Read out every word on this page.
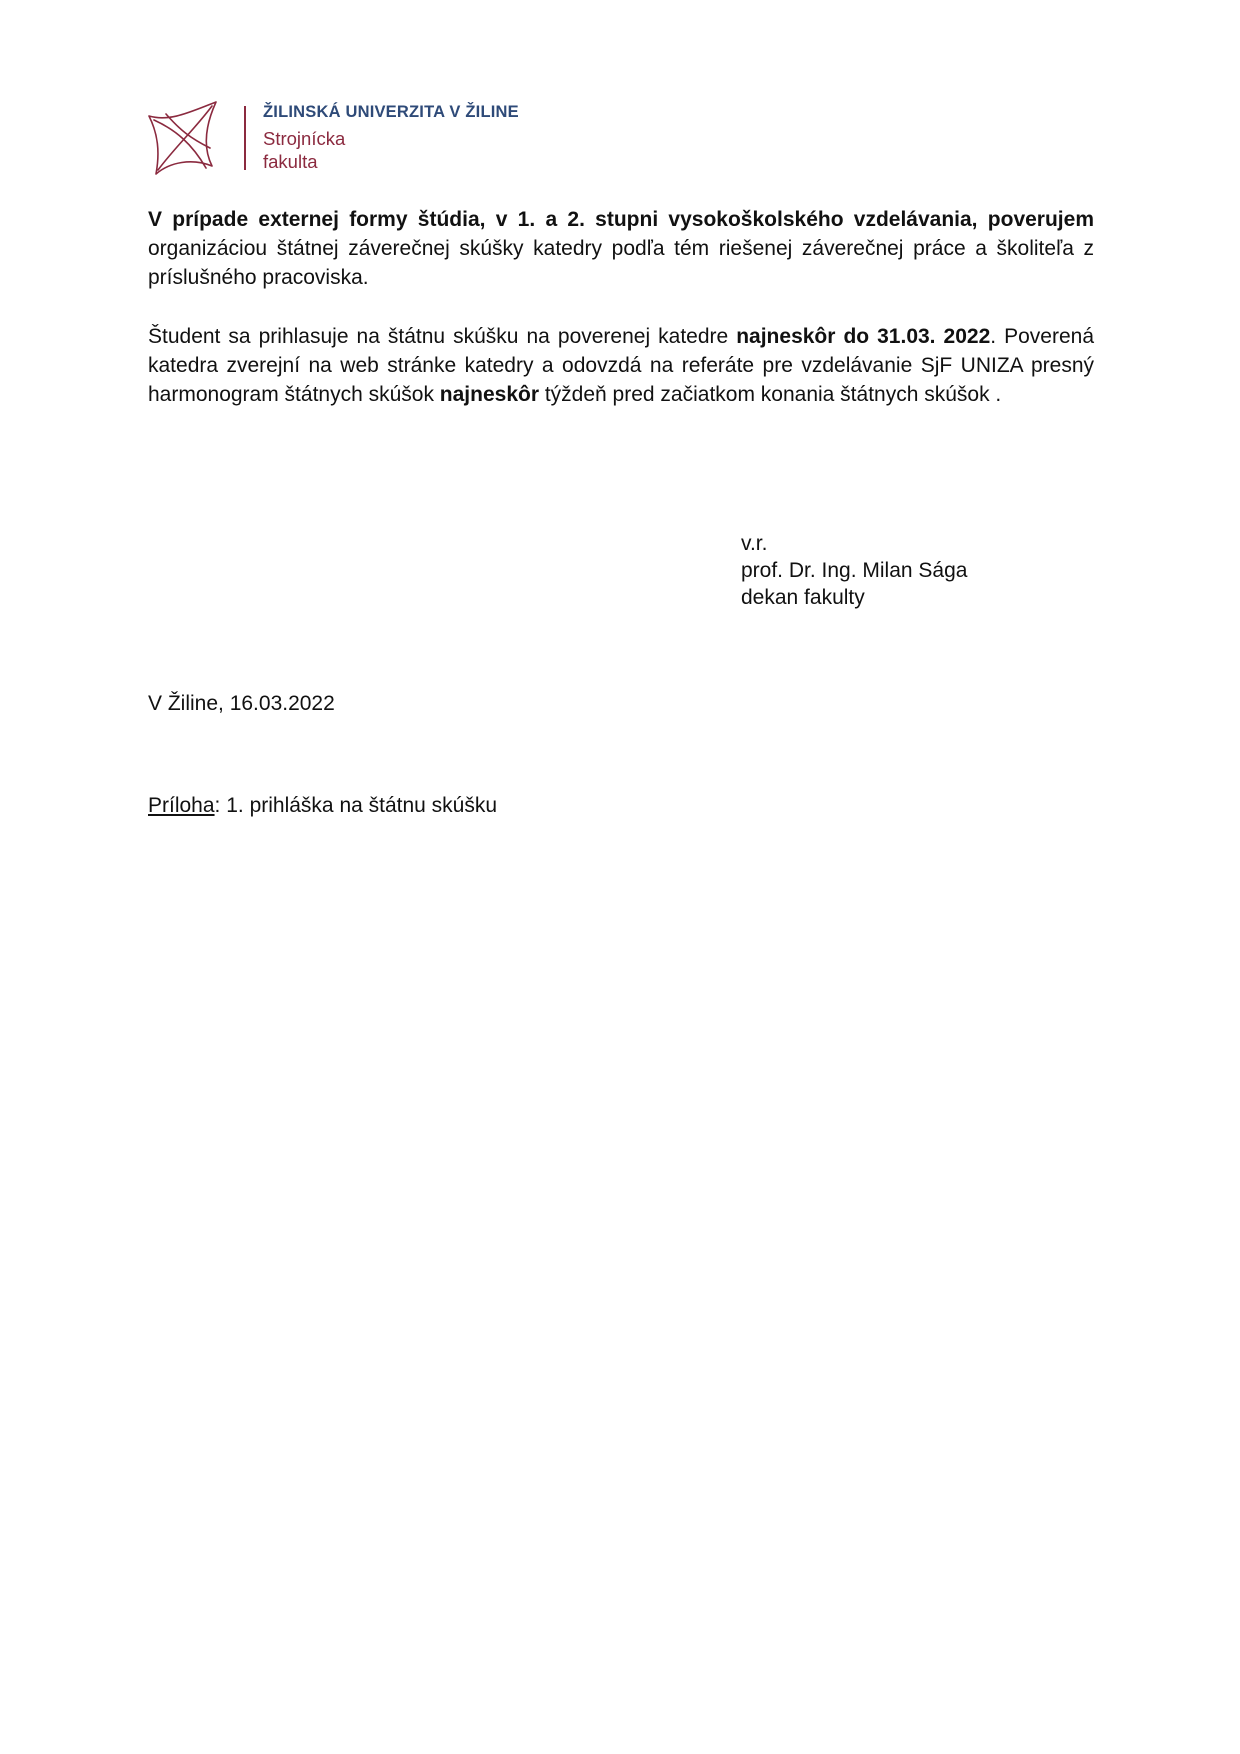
ŽILINSKÁ UNIVERZITA V ŽILINE
Strojnícka
fakulta
V prípade externej formy štúdia, v 1. a 2. stupni vysokoškolského vzdelávania, poverujem organizáciou štátnej záverečnej skúšky katedry podľa tém riešenej záverečnej práce a školiteľa z príslušného pracoviska.
Študent sa prihlasuje na štátnu skúšku na poverenej katedre najneskôr do 31.03. 2022. Poverená katedra zverejní na web stránke katedry a odovzdá na referáte pre vzdelávanie SjF UNIZA presný harmonogram štátnych skúšok najneskôr týždeň pred začiatkom konania štátnych skúšok .
v.r.
prof. Dr. Ing. Milan Sága
dekan fakulty
V Žiline, 16.03.2022
Príloha: 1. prihláška na štátnu skúšku
